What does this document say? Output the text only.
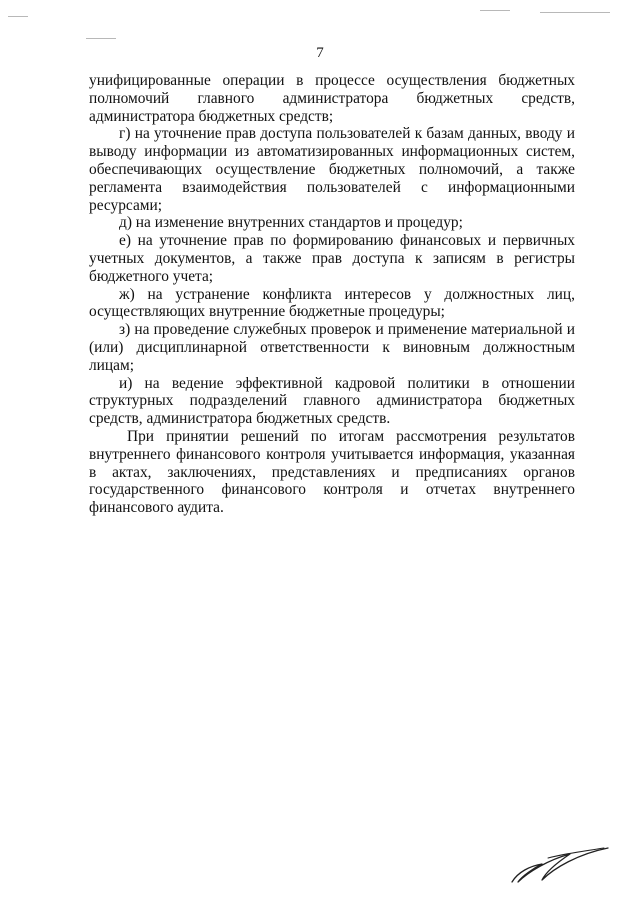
7

унифицированные операции в процессе осуществления бюджетных полномочий главного администратора бюджетных средств, администратора бюджетных средств;

г) на уточнение прав доступа пользователей к базам данных, вводу и выводу информации из автоматизированных информационных систем, обеспечивающих осуществление бюджетных полномочий, а также регламента взаимодействия пользователей с информационными ресурсами;

д) на изменение внутренних стандартов и процедур;

е) на уточнение прав по формированию финансовых и первичных учетных документов, а также прав доступа к записям в регистры бюджетного учета;

ж) на устранение конфликта интересов у должностных лиц, осуществляющих внутренние бюджетные процедуры;

з) на проведение служебных проверок и применение материальной и (или) дисциплинарной ответственности к виновным должностным лицам;

и) на ведение эффективной кадровой политики в отношении структурных подразделений главного администратора бюджетных средств, администратора бюджетных средств.

При принятии решений по итогам рассмотрения результатов внутреннего финансового контроля учитывается информация, указанная в актах, заключениях, представлениях и предписаниях органов государственного финансового контроля и отчетах внутреннего финансового аудита.
